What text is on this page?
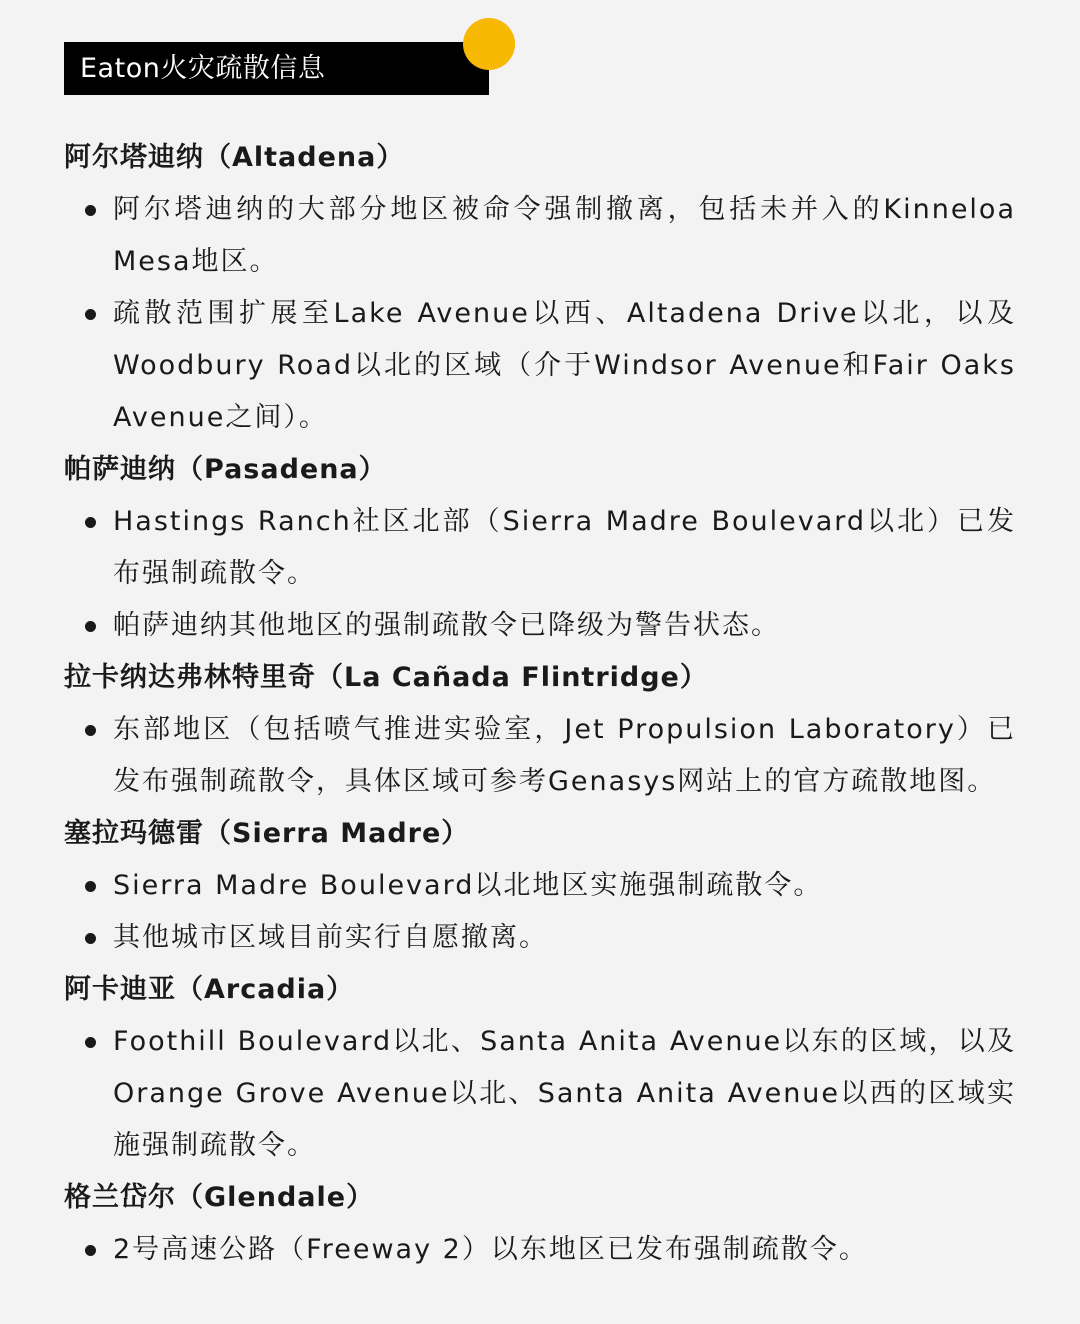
Eaton火灾疏散信息
阿尔塔迪纳（Altadena）
阿尔塔迪纳的大部分地区被命令强制撤离，包括未并入的Kinneloa Mesa地区。
疏散范围扩展至Lake Avenue以西、Altadena Drive以北，以及Woodbury Road以北的区域（介于Windsor Avenue和Fair Oaks Avenue之间）。
帕萨迪纳（Pasadena）
Hastings Ranch社区北部（Sierra Madre Boulevard以北）已发布强制疏散令。
帕萨迪纳其他地区的强制疏散令已降级为警告状态。
拉卡纳达弗林特里奇（La Cañada Flintridge）
东部地区（包括喷气推进实验室，Jet Propulsion Laboratory）已发布强制疏散令，具体区域可参考Genasys网站上的官方疏散地图。
塞拉玛德雷（Sierra Madre）
Sierra Madre Boulevard以北地区实施强制疏散令。
其他城市区域目前实行自愿撤离。
阿卡迪亚（Arcadia）
Foothill Boulevard以北、Santa Anita Avenue以东的区域，以及Orange Grove Avenue以北、Santa Anita Avenue以西的区域实施强制疏散令。
格兰岱尔（Glendale）
2号高速公路（Freeway 2）以东地区已发布强制疏散令。
